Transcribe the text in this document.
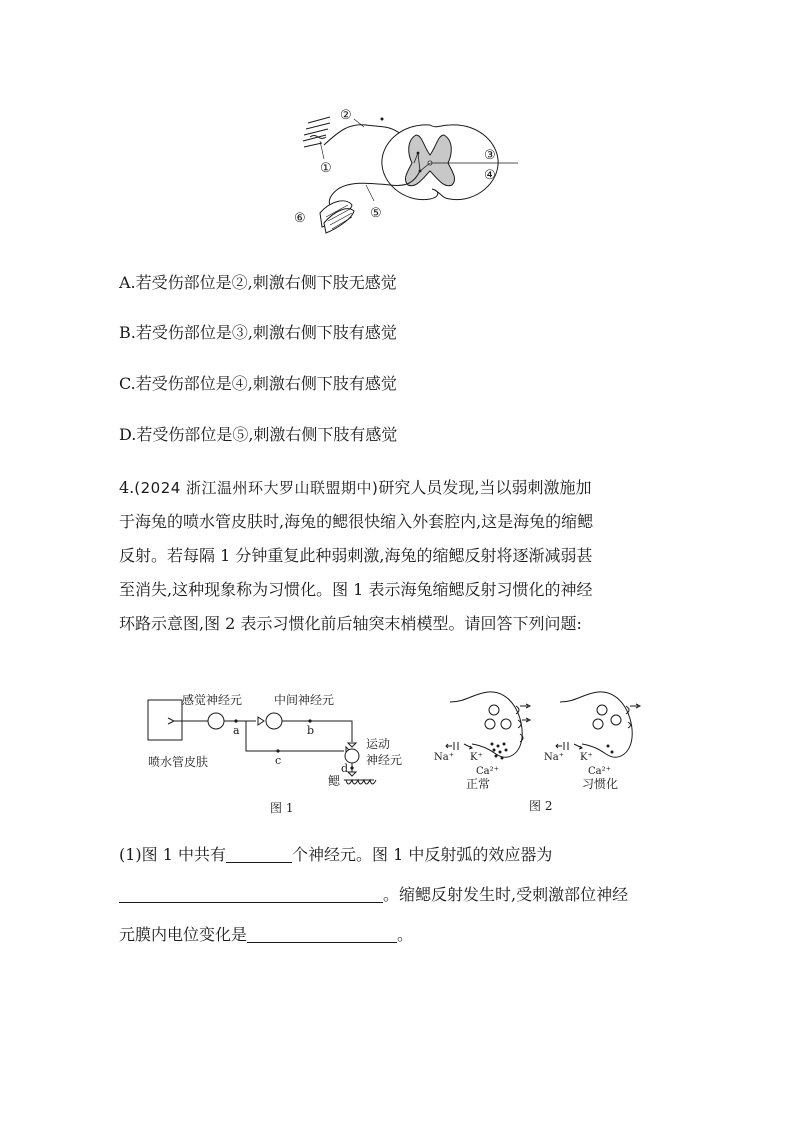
①
②
③
④
⑤
⑥
A.若受伤部位是②,刺激右侧下肢无感觉
B.若受伤部位是③,刺激右侧下肢有感觉
C.若受伤部位是④,刺激右侧下肢有感觉
D.若受伤部位是⑤,刺激右侧下肢有感觉
4.(2024 浙江温州环大罗山联盟期中)研究人员发现,当以弱刺激施加
于海兔的喷水管皮肤时,海兔的鳃很快缩入外套腔内,这是海兔的缩鳃
反射。若每隔 1 分钟重复此种弱刺激,海兔的缩鳃反射将逐渐减弱甚
至消失,这种现象称为习惯化。图 1 表示海兔缩鳃反射习惯化的神经
环路示意图,图 2 表示习惯化前后轴突末梢模型。请回答下列问题:
感觉神经元	中间神经元
喷水管皮肤
运动
神经元
鳃
a	b
c
d
图 1
Na⁺ K⁺
Ca²⁺
正常
Na⁺ K⁺
Ca²⁺
习惯化
图 2
(1)图 1 中共有	个神经元。图 1 中反射弧的效应器为
。缩鳃反射发生时,受刺激部位神经
元膜内电位变化是	。
